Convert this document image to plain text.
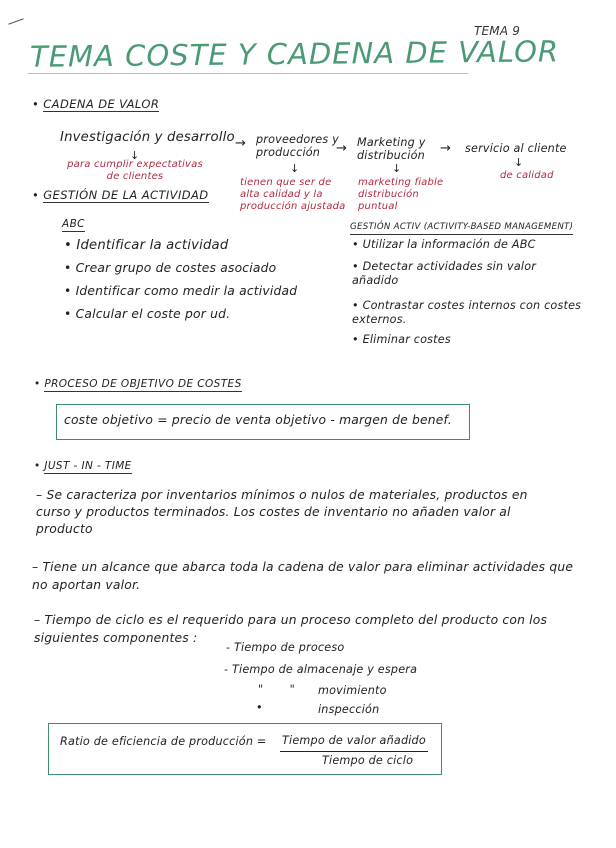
TEMA 9
TEMA COSTE Y CADENA DE VALOR
• CADENA DE VALOR
Investigación y desarrollo → proveedores y producción	→ Marketing y distribución	→ servicio al cliente
↓
↓	↓	↓
para cumplir expectativas de clientes
tienen que ser de alta calidad y la producción ajustada
marketing fiable distribución puntual
de calidad
• GESTIÓN DE LA ACTIVIDAD
ABC
• Identificar la actividad
• Crear grupo de costes asociado
• Identificar como medir la actividad
• Calcular el coste por ud.
GESTIÓN ACTIV (ACTIVITY-BASED MANAGEMENT)
• Utilizar la información de ABC
• Detectar actividades sin valor añadido
• Contrastar costes internos con costes externos.
• Eliminar costes
• PROCESO DE OBJETIVO DE COSTES
coste objetivo = precio de venta objetivo - margen de benef.
• JUST - IN - TIME
– Se caracteriza por inventarios mínimos o nulos de materiales, productos en curso y productos terminados. Los costes de inventario no añaden valor al producto
– Tiene un alcance que abarca toda la cadena de valor para eliminar actividades que no aportan valor.
– Tiempo de ciclo es el requerido para un proceso completo del producto con los siguientes componentes :
- Tiempo de proceso
- Tiempo de almacenaje y espera
" " movimiento
•	inspección
Ratio de eficiencia de producción = Tiempo de valor añadido
Tiempo de ciclo
